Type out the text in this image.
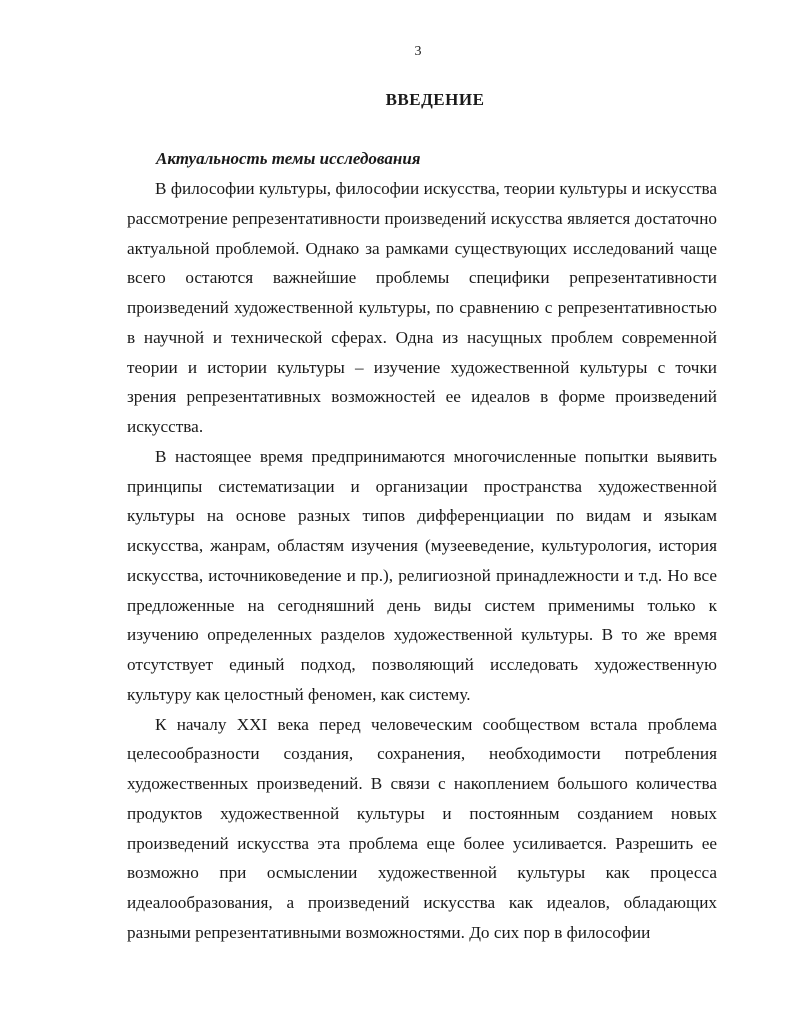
3
ВВЕДЕНИЕ
Актуальность темы исследования

В философии культуры, философии искусства, теории культуры и искусства рассмотрение репрезентативности произведений искусства является достаточно актуальной проблемой. Однако за рамками существующих исследований чаще всего остаются важнейшие проблемы специфики репрезентативности произведений художественной культуры, по сравнению с репрезентативностью в научной и технической сферах. Одна из насущных проблем современной теории и истории культуры – изучение художественной культуры с точки зрения репрезентативных возможностей ее идеалов в форме произведений искусства.

В настоящее время предпринимаются многочисленные попытки выявить принципы систематизации и организации пространства художественной культуры на основе разных типов дифференциации по видам и языкам искусства, жанрам, областям изучения (музееведение, культурология, история искусства, источниковедение и пр.), религиозной принадлежности и т.д. Но все предложенные на сегодняшний день виды систем применимы только к изучению определенных разделов художественной культуры. В то же время отсутствует единый подход, позволяющий исследовать художественную культуру как целостный феномен, как систему.

К началу XXI века перед человеческим сообществом встала проблема целесообразности создания, сохранения, необходимости потребления художественных произведений. В связи с накоплением большого количества продуктов художественной культуры и постоянным созданием новых произведений искусства эта проблема еще более усиливается. Разрешить ее возможно при осмыслении художественной культуры как процесса идеалообразования, а произведений искусства как идеалов, обладающих разными репрезентативными возможностями. До сих пор в философии
